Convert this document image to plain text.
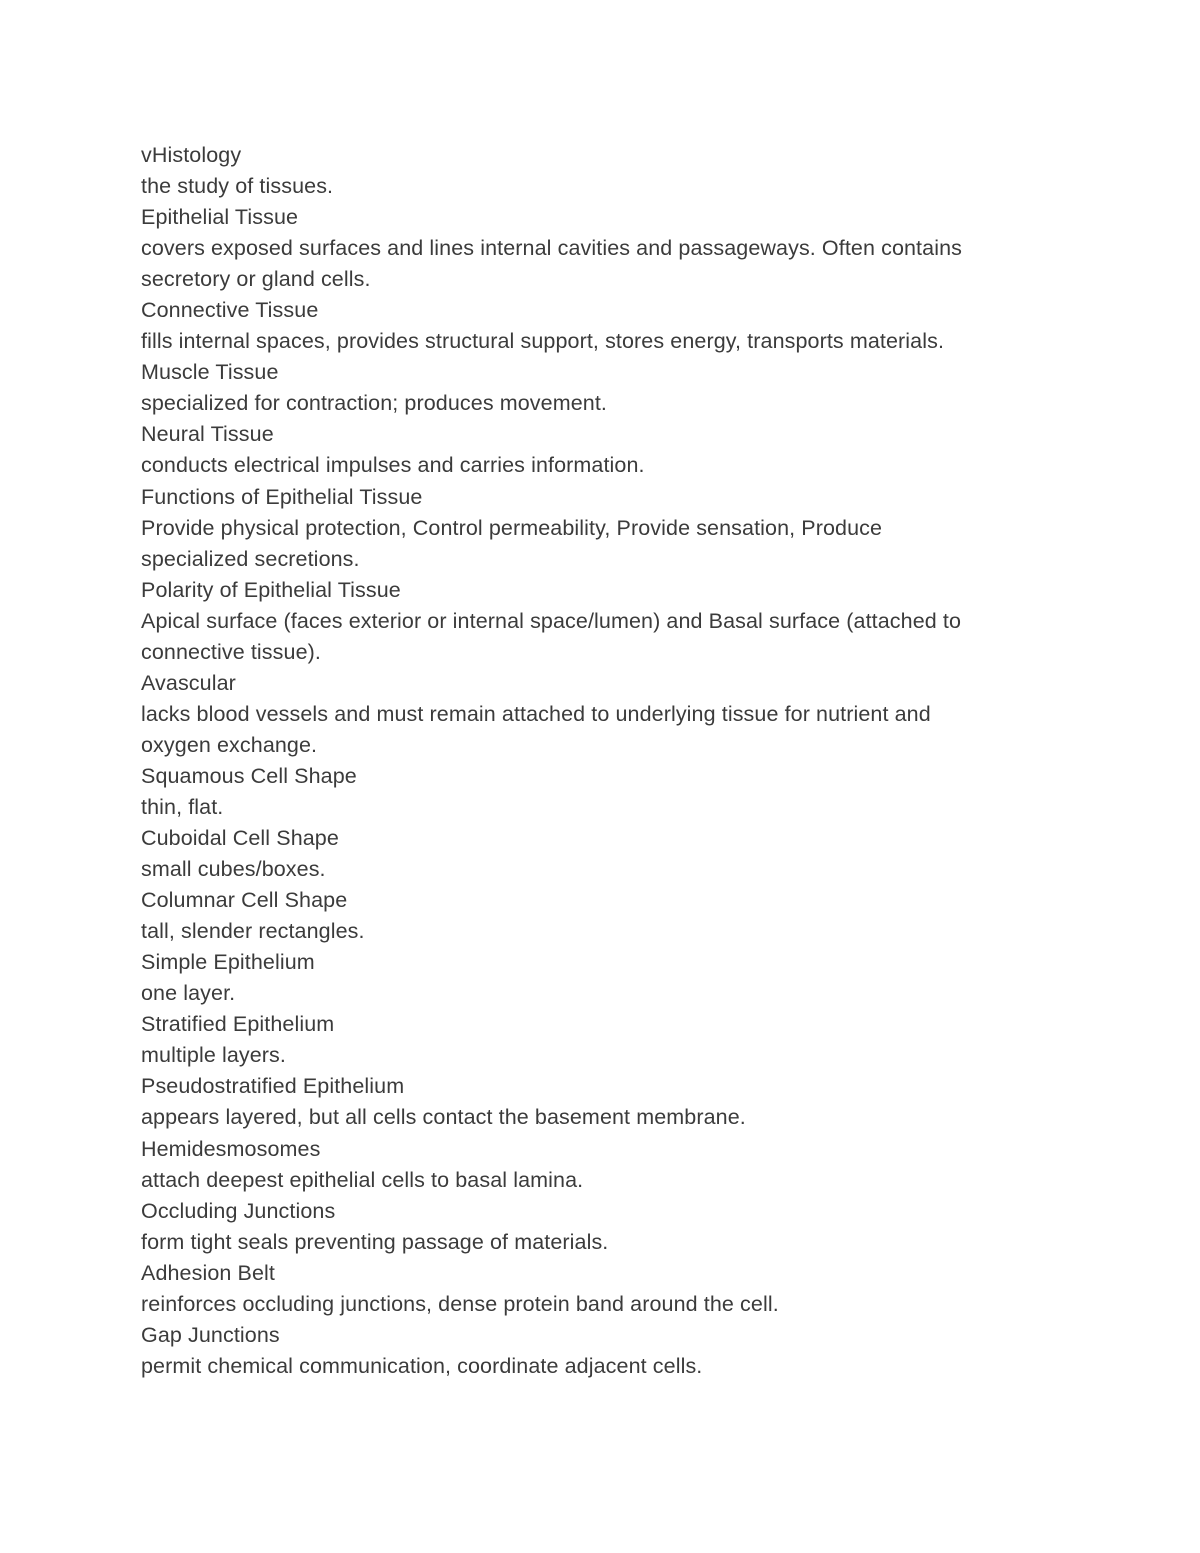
vHistology
the study of tissues.
Epithelial Tissue
covers exposed surfaces and lines internal cavities and passageways. Often contains
secretory or gland cells.
Connective Tissue
fills internal spaces, provides structural support, stores energy, transports materials.
Muscle Tissue
specialized for contraction; produces movement.
Neural Tissue
conducts electrical impulses and carries information.
Functions of Epithelial Tissue
Provide physical protection, Control permeability, Provide sensation, Produce
specialized secretions.
Polarity of Epithelial Tissue
Apical surface (faces exterior or internal space/lumen) and Basal surface (attached to
connective tissue).
Avascular
lacks blood vessels and must remain attached to underlying tissue for nutrient and
oxygen exchange.
Squamous Cell Shape
thin, flat.
Cuboidal Cell Shape
small cubes/boxes.
Columnar Cell Shape
tall, slender rectangles.
Simple Epithelium
one layer.
Stratified Epithelium
multiple layers.
Pseudostratified Epithelium
appears layered, but all cells contact the basement membrane.
Hemidesmosomes
attach deepest epithelial cells to basal lamina.
Occluding Junctions
form tight seals preventing passage of materials.
Adhesion Belt
reinforces occluding junctions, dense protein band around the cell.
Gap Junctions
permit chemical communication, coordinate adjacent cells.
